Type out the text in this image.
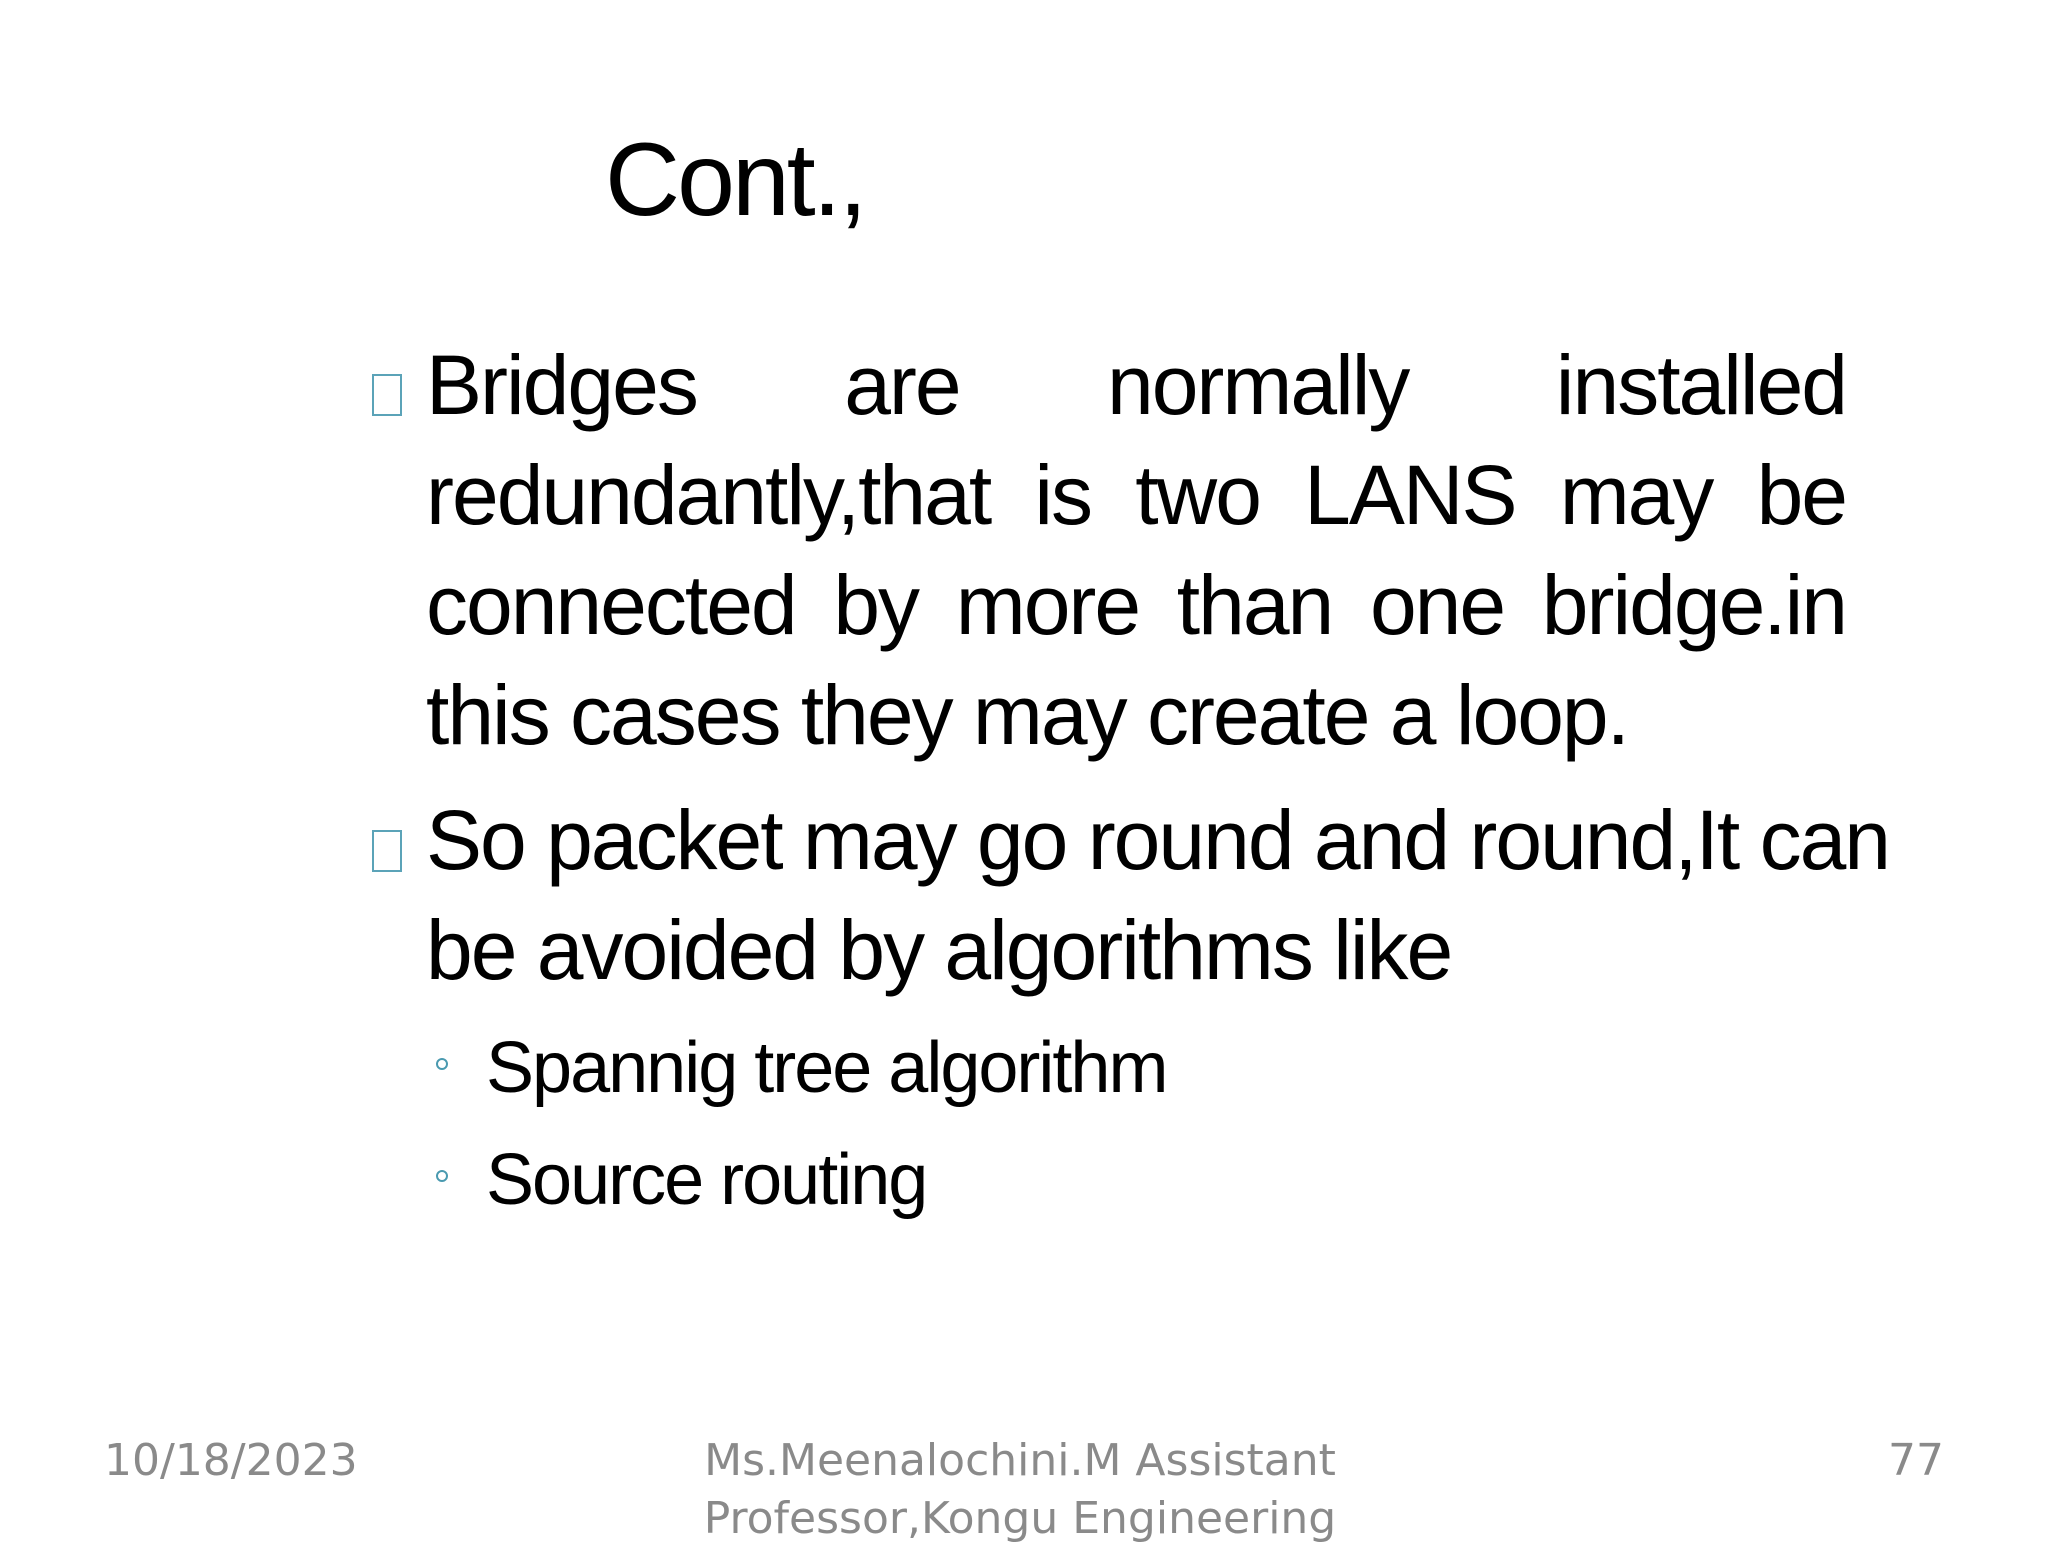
Cont.,
Bridges are normally installed redundantly,that is two LANS may be connected by more than one bridge.in this cases they may create a loop.
So packet may go round and round,It can be avoided by algorithms like
Spannig tree algorithm
Source routing
10/18/2023	Ms.Meenalochini.M Assistant Professor,Kongu Engineering
77
